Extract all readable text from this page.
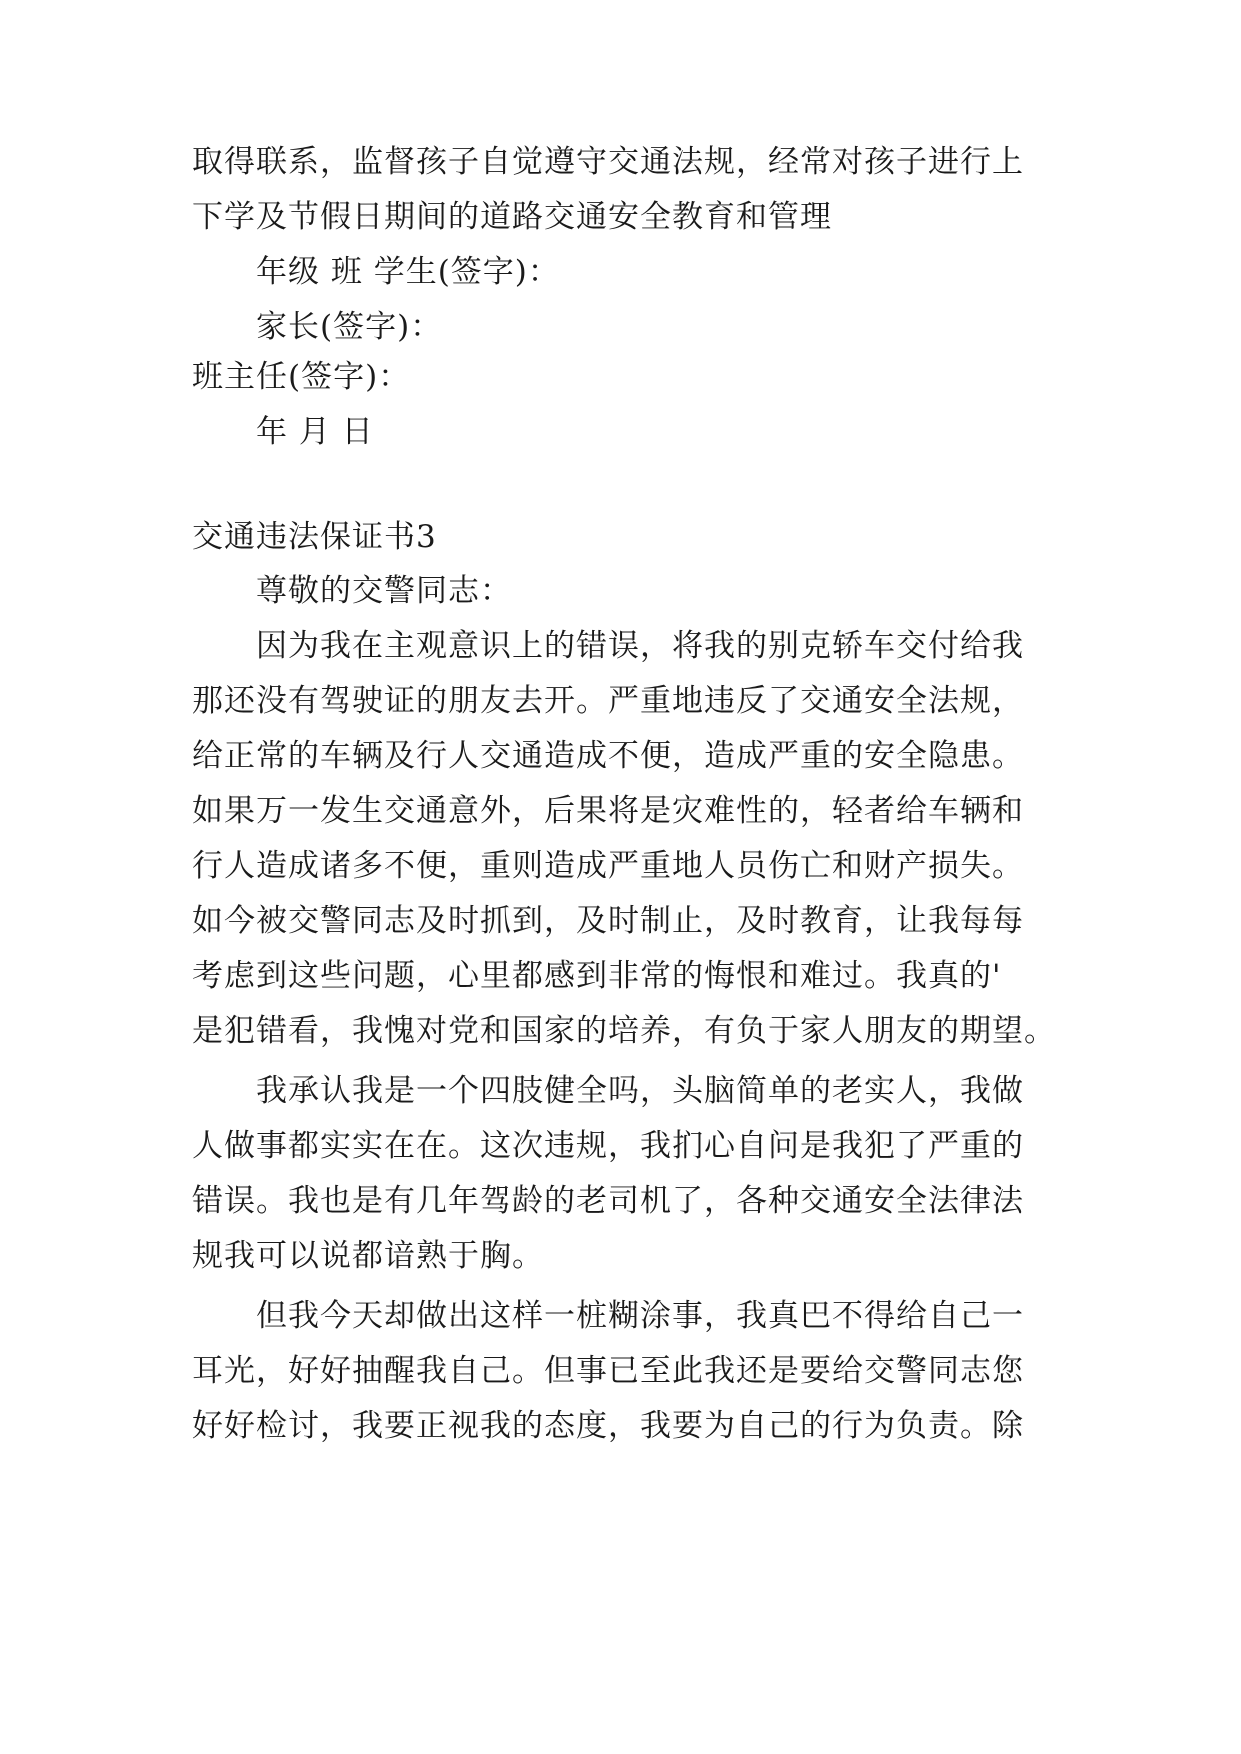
取得联系，监督孩子自觉遵守交通法规，经常对孩子进行上
下学及节假日期间的道路交通安全教育和管理
年级 班 学生(签字)：
家长(签字)：
班主任(签字)：
年 月 日
交通违法保证书3
尊敬的交警同志：
因为我在主观意识上的错误，将我的别克轿车交付给我
那还没有驾驶证的朋友去开。严重地违反了交通安全法规，
给正常的车辆及行人交通造成不便，造成严重的安全隐患。
如果万一发生交通意外，后果将是灾难性的，轻者给车辆和
行人造成诸多不便，重则造成严重地人员伤亡和财产损失。
如今被交警同志及时抓到，及时制止，及时教育，让我每每
考虑到这些问题，心里都感到非常的悔恨和难过。我真的'
是犯错看，我愧对党和国家的培养，有负于家人朋友的期望。
我承认我是一个四肢健全吗，头脑简单的老实人，我做
人做事都实实在在。这次违规，我扪心自问是我犯了严重的
错误。我也是有几年驾龄的老司机了，各种交通安全法律法
规我可以说都谙熟于胸。
但我今天却做出这样一桩糊涂事，我真巴不得给自己一
耳光，好好抽醒我自己。但事已至此我还是要给交警同志您
好好检讨，我要正视我的态度，我要为自己的行为负责。除
